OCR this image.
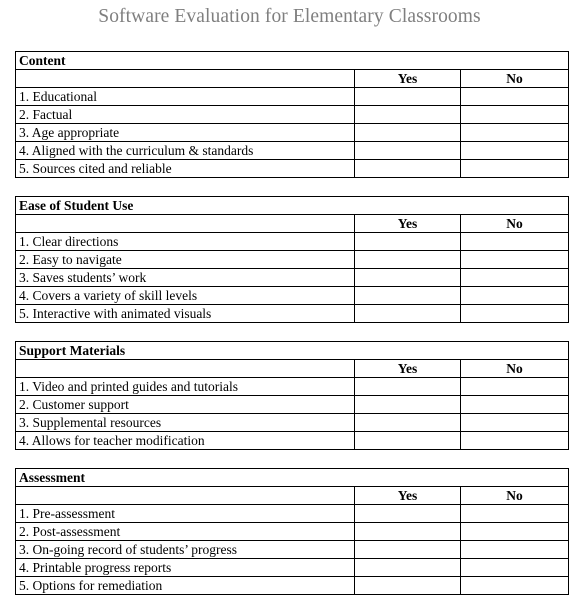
Software Evaluation for Elementary Classrooms
Content		
	Yes	No
1. Educational		
2. Factual		
3. Age appropriate		
4. Aligned with the curriculum & standards		
5. Sources cited and reliable		
Ease of Student Use		
	Yes	No
1. Clear directions		
2. Easy to navigate		
3. Saves students’ work		
4. Covers a variety of skill levels		
5. Interactive with animated visuals		
Support Materials		
	Yes	No
1. Video and printed guides and tutorials		
2. Customer support		
3. Supplemental resources		
4. Allows for teacher modification		
Assessment		
	Yes	No
1. Pre-assessment		
2. Post-assessment		
3. On-going record of students’ progress		
4. Printable progress reports		
5. Options for remediation		
